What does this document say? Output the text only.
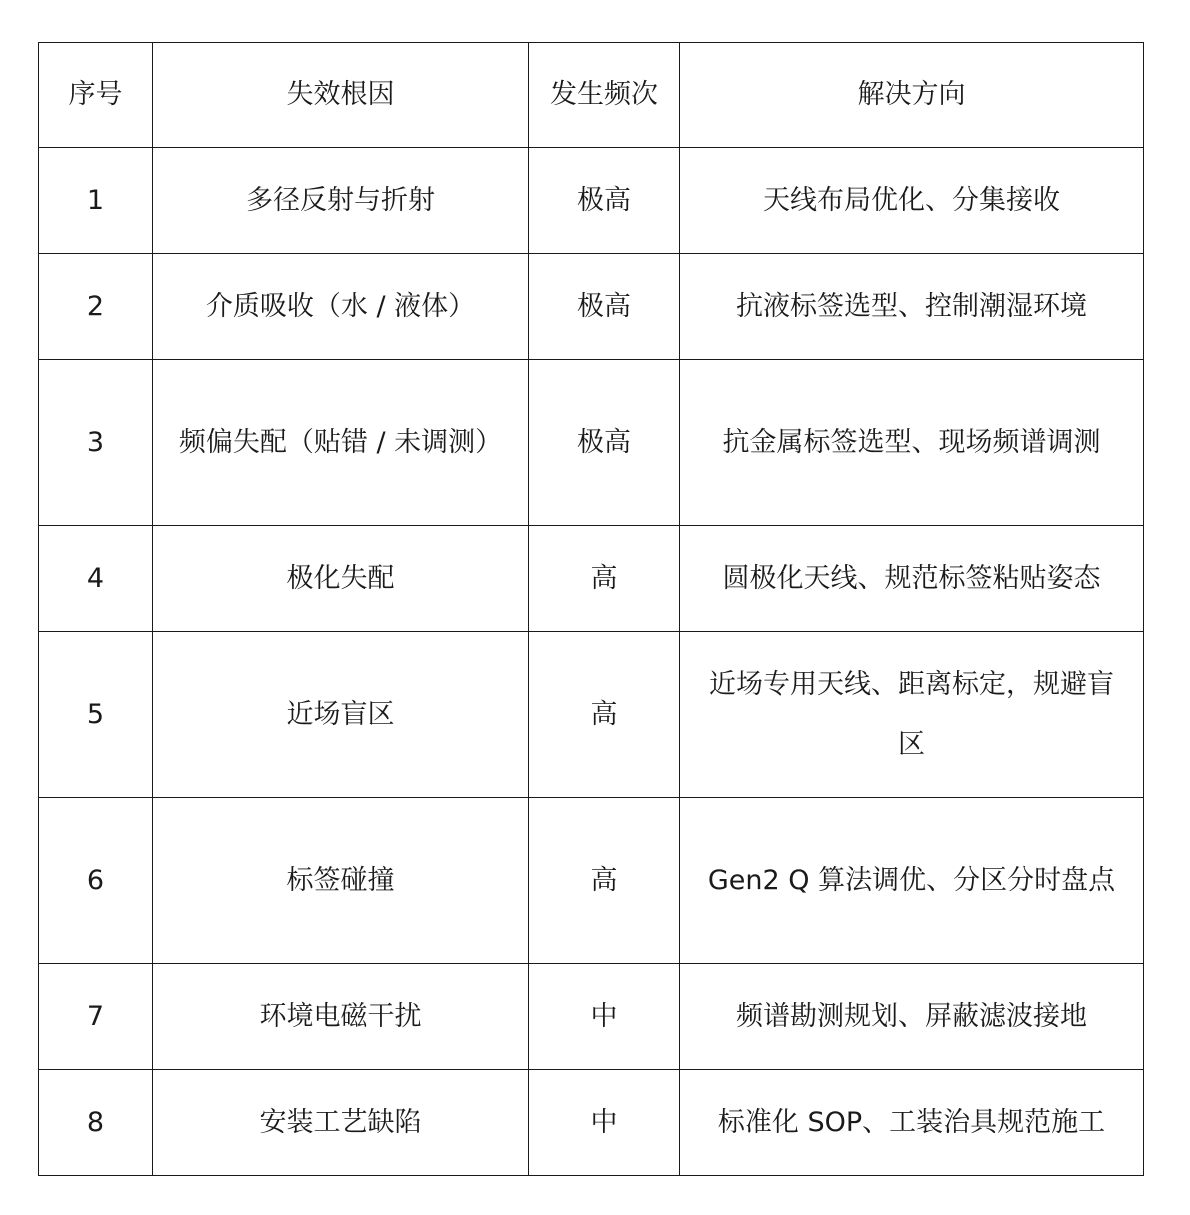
序号	失效根因	发生频次	解决方向
1	多径反射与折射	极高	天线布局优化、分集接收
2	介质吸收（水 / 液体）	极高	抗液标签选型、控制潮湿环境
3	频偏失配（贴错 / 未调测）	极高	抗金属标签选型、现场频谱调测
4	极化失配	高	圆极化天线、规范标签粘贴姿态
5	近场盲区	高	近场专用天线、距离标定，规避盲区
6	标签碰撞	高	Gen2 Q 算法调优、分区分时盘点
7	环境电磁干扰	中	频谱勘测规划、屏蔽滤波接地
8	安装工艺缺陷	中	标准化 SOP、工装治具规范施工
